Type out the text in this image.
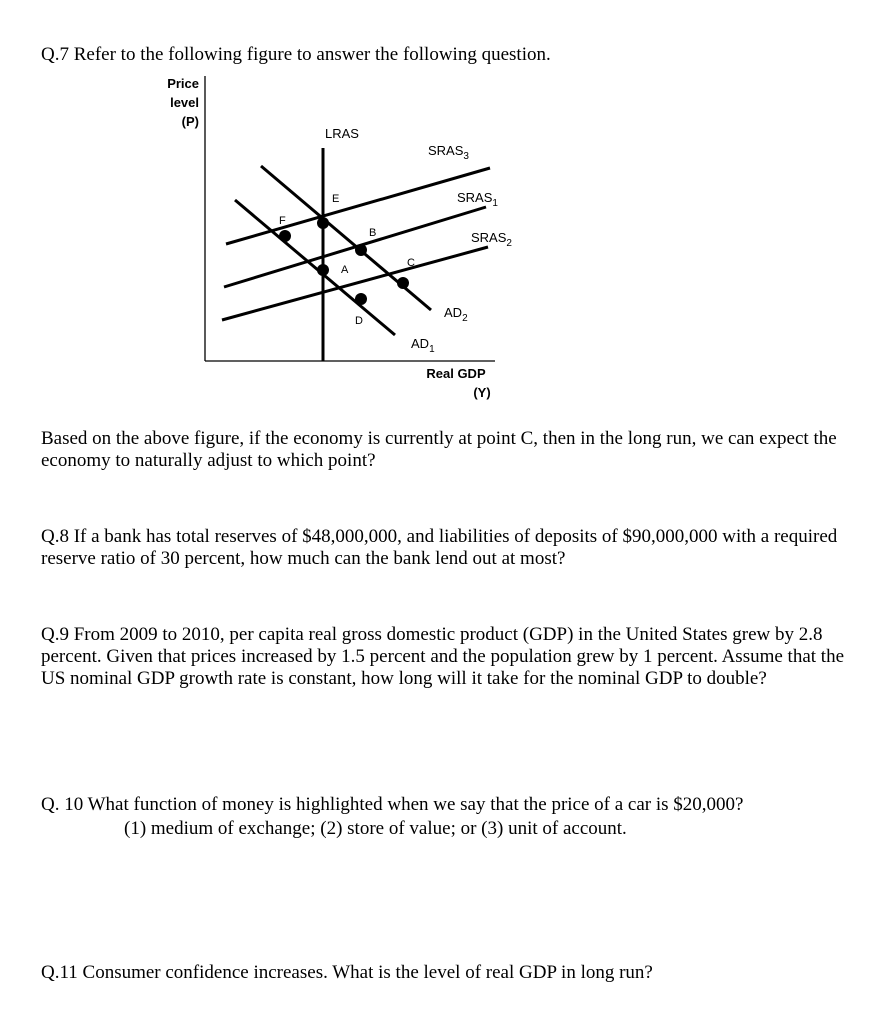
Q.7 Refer to the following figure to answer the following question.

Price
level
(P)
LRAS
$SRAS_3$
$SRAS_1$
$SRAS_2$
$AD_2$
$AD_1$
F
E
B
A
C
D
Real GDP
(Y)

Based on the above figure, if the economy is currently at point C, then in the long run, we can expect the economy to naturally adjust to which point?

Q.8 If a bank has total reserves of $48,000,000, and liabilities of deposits of $90,000,000 with a required reserve ratio of 30 percent, how much can the bank lend out at most?

Q.9 From 2009 to 2010, per capita real gross domestic product (GDP) in the United States grew by 2.8 percent. Given that prices increased by 1.5 percent and the population grew by 1 percent. Assume that the US nominal GDP growth rate is constant, how long will it take for the nominal GDP to double?

Q. 10 What function of money is highlighted when we say that the price of a car is $20,000?

(1) medium of exchange; (2) store of value; or (3) unit of account.

Q.11 Consumer confidence increases. What is the level of real GDP in long run?
